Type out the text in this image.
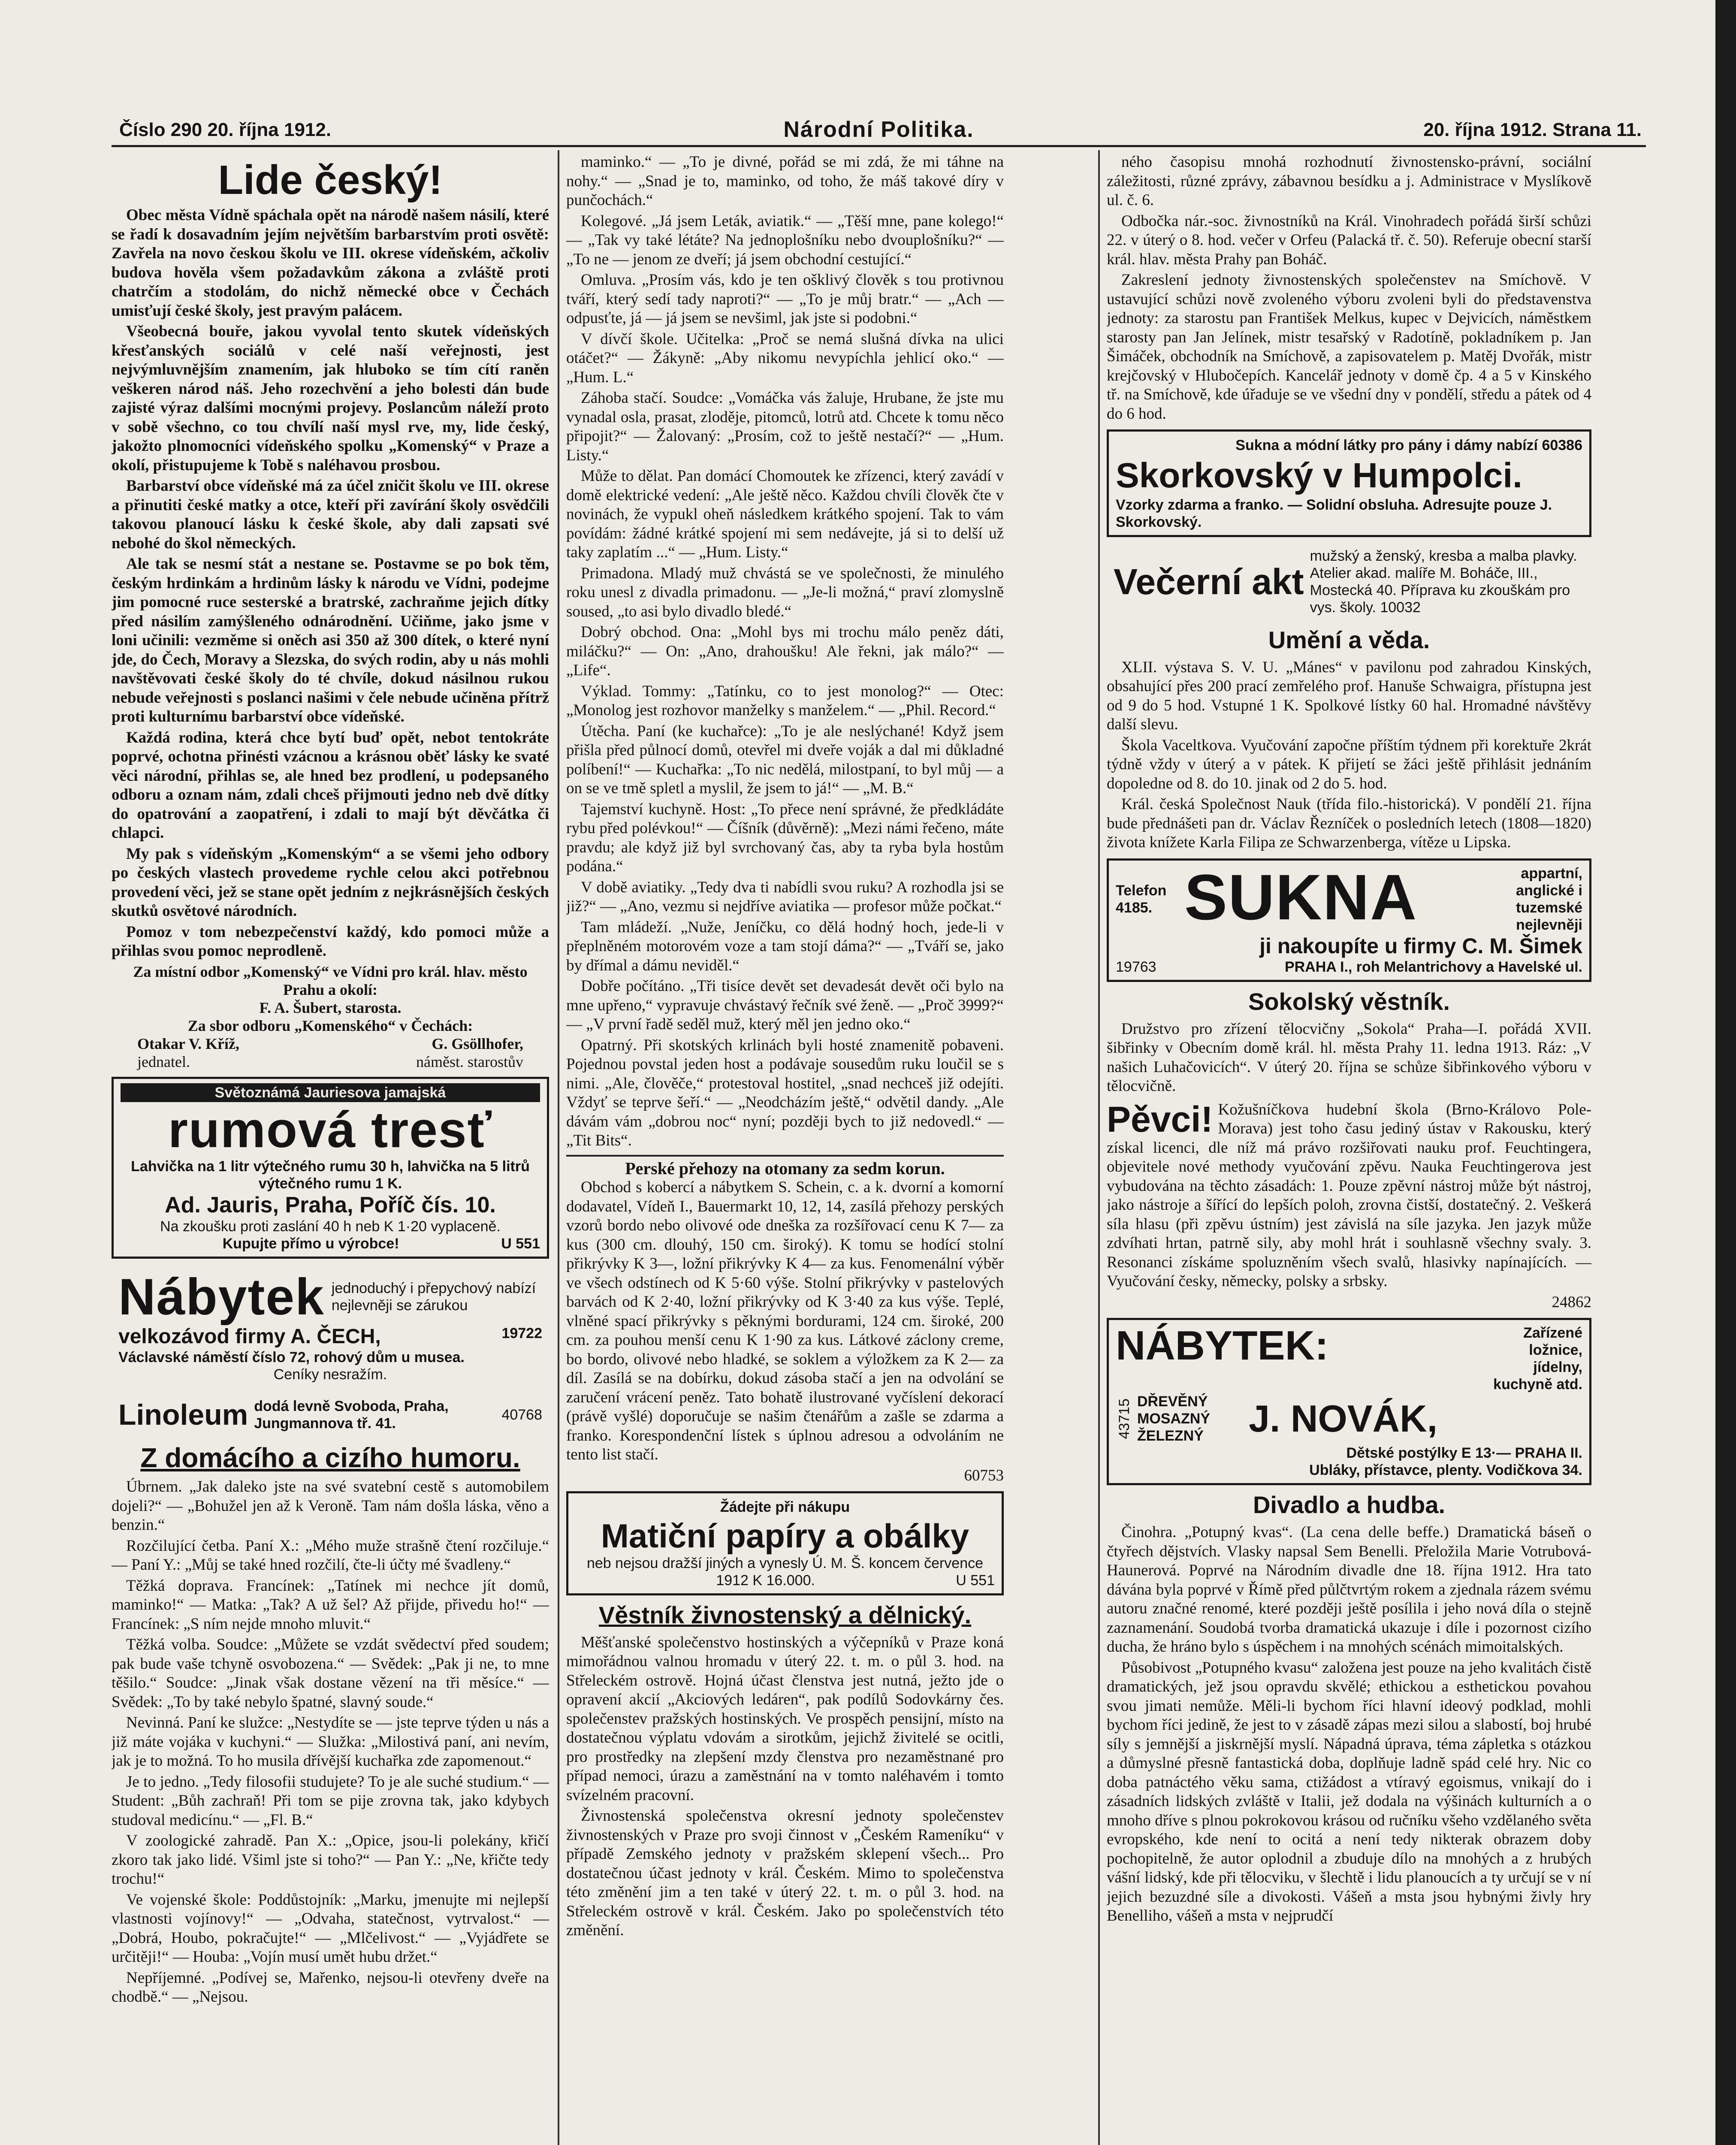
Číslo 290 20. října 1912.	Národní Politika.	20. října 1912. Strana 11.
Lide český!

Obec města Vídně spáchala opět na národě našem násilí, které se řadí k dosavadním jejím největším barbarstvím proti osvětě: Zavřela na novo českou školu ve III. okrese vídeňském, ačkoliv budova hověla všem požadavkům zákona a zvláště proti chatrčím a stodolám, do nichž německé obce v Čechách umisťují české školy, jest pravým palácem.

Všeobecná bouře, jakou vyvolal tento skutek vídeňských křesťanských sociálů v celé naší veřejnosti, jest nejvýmluvnějším znamením, jak hluboko se tím cítí raněn veškeren národ náš. Jeho rozechvění a jeho bolesti dán bude zajisté výraz dalšími mocnými projevy. Poslancům náleží proto v sobě všechno, co tou chvílí naší mysl rve, my, lide český, jakožto plnomocníci vídeňského spolku „Komenský“ v Praze a okolí, přistupujeme k Tobě s naléhavou prosbou.

Barbarství obce vídeňské má za účel zničit školu ve III. okrese a přinutiti české matky a otce, kteří při zavírání školy osvědčili takovou planoucí lásku k české škole, aby dali zapsati své nebohé do škol německých.

Ale tak se nesmí stát a nestane se. Postavme se po bok těm, českým hrdinkám a hrdinům lásky k národu ve Vídni, podejme jim pomocné ruce sesterské a bratrské, zachraňme jejich dítky před násilím zamýšleného odnárodnění. Učiňme, jako jsme v loni učinili: vezměme si oněch asi 350 až 300 dítek, o které nyní jde, do Čech, Moravy a Slezska, do svých rodin, aby u nás mohli navštěvovati české školy do té chvíle, dokud násilnou rukou nebude veřejnosti s poslanci našimi v čele nebude učiněna přítrž proti kulturnímu barbarství obce vídeňské.

Každá rodina, která chce bytí buď opět, nebot tentokráte poprvé, ochotna přinésti vzácnou a krásnou oběť lásky ke svaté věci národní, přihlas se, ale hned bez prodlení, u podepsaného odboru a oznam nám, zdali chceš přijmouti jedno neb dvě dítky do opatrování a zaopatření, i zdali to mají být děvčátka či chlapci.

My pak s vídeňským „Komenským“ a se všemi jeho odbory po českých vlastech provedeme rychle celou akci potřebnou provedení věci, jež se stane opět jedním z nejkrásnějších českých skutků osvětové národních.

Pomoz v tom nebezpečenství každý, kdo pomoci může a přihlas svou pomoc neprodleně.

Za místní odbor „Komenský“ ve Vídni pro král. hlav. město Prahu a okolí:
F. A. Šubert, starosta.
Za sbor odboru „Komenského“ v Čechách:
Otakar V. Kříž,	G. Gsöllhofer,
jednatel.	náměst. starostův
Světoznámá Jauriesova jamajská
rumová tresť
Lahvička na 1 litr výtečného rumu 30 h, lahvička na 5 litrů výtečného rumu 1 K.
Ad. Jauris, Praha, Poříč čís. 10.
Na zkoušku proti zaslání 40 h neb K 1·20 vyplaceně.
Kupujte přímo u výrobce!	U 551
Nábytek jednoduchý i přepychový nabízí nejlevněji se zárukou
velkozávod firmy A. ČECH,	19722
Václavské náměstí číslo 72, rohový dům u musea.
Ceníky nesražím.
Linoleum dodá levně Svoboda, Praha, Jungmannova tř. 41.
40768
Z domácího a cizího humoru.

Úbrnem. „Jak daleko jste na své svatební cestě s automobilem dojeli?“ — „Bohužel jen až k Veroně. Tam nám došla láska, věno a benzin.“

Rozčilující četba. Paní X.: „Mého muže strašně čtení rozčiluje.“ — Paní Y.: „Můj se také hned rozčilí, čte-li účty mé švadleny.“

Těžká doprava. Francínek: „Tatínek mi nechce jít domů, maminko!“ — Matka: „Tak? A už šel? Až přijde, přivedu ho!“ — Francínek: „S ním nejde mnoho mluvit.“

Těžká volba. Soudce: „Můžete se vzdát svědectví před soudem; pak bude vaše tchyně osvobozena.“ — Svědek: „Pak ji ne, to mne těšilo.“ Soudce: „Jinak však dostane vězení na tři měsíce.“ — Svědek: „To by také nebylo špatné, slavný soude.“

Nevinná. Paní ke služce: „Nestydíte se — jste teprve týden u nás a již máte vojáka v kuchyni.“ — Služka: „Milostivá paní, ani nevím, jak je to možná. To ho musila dřívější kuchařka zde zapomenout.“

Je to jedno. „Tedy filosofii studujete? To je ale suché studium.“ — Student: „Bůh zachraň! Při tom se pije zrovna tak, jako kdybych studoval medicínu.“ — „Fl. B.“

V zoologické zahradě. Pan X.: „Opice, jsou-li polekány, křičí zkoro tak jako lidé. Všiml jste si toho?“ — Pan Y.: „Ne, křičte tedy trochu!“

Ve vojenské škole: Poddůstojník: „Marku, jmenujte mi nejlepší vlastnosti vojínovy!“ — „Odvaha, statečnost, vytrvalost.“ — „Dobrá, Houbo, pokračujte!“ — „Mlčelivost.“ — „Vyjádřete se určitěji!“ — Houba: „Vojín musí umět hubu držet.“

Nepříjemné. „Podívej se, Mařenko, nejsou-li otevřeny dveře na chodbě.“ — „Nejsou.

maminko.“ — „To je divné, pořád se mi zdá, že mi táhne na nohy.“ — „Snad je to, maminko, od toho, že máš takové díry v punčochách.“

Kolegové. „Já jsem Leták, aviatik.“ — „Těší mne, pane kolego!“ — „Tak vy také létáte? Na jednoplošníku nebo dvouplošníku?“ — „To ne — jenom ze dveří; já jsem obchodní cestující.“

Omluva. „Prosím vás, kdo je ten ošklivý člověk s tou protivnou tváří, který sedí tady naproti?“ — „To je můj bratr.“ — „Ach — odpusťte, já — já jsem se nevšiml, jak jste si podobni.“

V dívčí škole. Učitelka: „Proč se nemá slušná dívka na ulici otáčet?“ — Žákyně: „Aby nikomu nevypíchla jehlicí oko.“ — „Hum. L.“

Záhoba stačí. Soudce: „Vomáčka vás žaluje, Hrubane, že jste mu vynadal osla, prasat, zloděje, pitomců, lotrů atd. Chcete k tomu něco připojit?“ — Žalovaný: „Prosím, což to ještě nestačí?“ — „Hum. Listy.“

Může to dělat. Pan domácí Chomoutek ke zřízenci, který zavádí v domě elektrické vedení: „Ale ještě něco. Každou chvíli člověk čte v novinách, že vypukl oheň následkem krátkého spojení. Tak to vám povídám: žádné krátké spojení mi sem nedávejte, já si to delší už taky zaplatím ...“ — „Hum. Listy.“

Primadona. Mladý muž chvástá se ve společnosti, že minulého roku unesl z divadla primadonu. — „Je-li možná,“ praví zlomyslně soused, „to asi bylo divadlo bledé.“

Dobrý obchod. Ona: „Mohl bys mi trochu málo peněz dáti, miláčku?“ — On: „Ano, drahoušku! Ale řekni, jak málo?“ — „Life“.

Výklad. Tommy: „Tatínku, co to jest monolog?“ — Otec: „Monolog jest rozhovor manželky s manželem.“ — „Phil. Record.“

Útěcha. Paní (ke kuchařce): „To je ale neslýchané! Když jsem přišla před půlnocí domů, otevřel mi dveře voják a dal mi důkladné políbení!“ — Kuchařka: „To nic nedělá, milostpaní, to byl můj — a on se ve tmě spletl a myslil, že jsem to já!“ — „M. B.“

Tajemství kuchyně. Host: „To přece není správné, že předkládáte rybu před polévkou!“ — Číšník (důvěrně): „Mezi námi řečeno, máte pravdu; ale když již byl svrchovaný čas, aby ta ryba byla hostům podána.“

V době aviatiky. „Tedy dva ti nabídli svou ruku? A rozhodla jsi se již?“ — „Ano, vezmu si nejdříve aviatika — profesor může počkat.“

Tam mládeží. „Nuže, Jeníčku, co dělá hodný hoch, jede-li v přeplněném motorovém voze a tam stojí dáma?“ — „Tváří se, jako by dřímal a dámu neviděl.“

Dobře počítáno. „Tři tisíce devět set devadesát devět oči bylo na mne upřeno,“ vypravuje chvástavý řečník své ženě. — „Proč 3999?“ — „V první řadě seděl muž, který měl jen jedno oko.“

Opatrný. Při skotských krlinách byli hosté znamenitě pobaveni. Pojednou povstal jeden host a podávaje sousedům ruku loučil se s nimi. „Ale, člověče,“ protestoval hostitel, „snad nechceš již odejíti. Vždyť se teprve šeří.“ — „Neodcházím ještě,“ odvětil dandy. „Ale dávám vám „dobrou noc“ nyní; později bych to již nedovedl.“ — „Tit Bits“.

Perské přehozy na otomany za sedm korun.

Obchod s kobercí a nábytkem S. Schein, c. a k. dvorní a komorní dodavatel, Vídeň I., Bauermarkt 10, 12, 14, zasílá přehozy perských vzorů bordo nebo olivové ode dneška za rozšířovací cenu K 7— za kus (300 cm. dlouhý, 150 cm. široký). K tomu se hodící stolní přikrývky K 3—, ložní přikrývky K 4— za kus. Fenomenální výběr ve všech odstínech od K 5·60 výše. Stolní přikrývky v pastelových barvách od K 2·40, ložní přikrývky od K 3·40 za kus výše. Teplé, vlněné spací přikrývky s pěknými bordurami, 124 cm. široké, 200 cm. za pouhou menší cenu K 1·90 za kus. Látkové záclony creme, bo bordo, olivové nebo hladké, se soklem a výložkem za K 2— za díl. Zasílá se na dobírku, dokud zásoba stačí a jen na odvolání se zaručení vrácení peněz. Tato bohatě ilustrované vyčíslení dekorací (právě vyšlé) doporučuje se našim čtenářům a zašle se zdarma a franko. Korespondenční lístek s úplnou adresou a odvoláním ne tento list stačí.

60753
Žádejte při nákupu
Matiční papíry a obálky
neb nejsou dražší jiných a vynesly Ú. M. Š. koncem července 1912 K 16.000.	U 551
Věstník živnostenský a dělnický.

Měšťanské společenstvo hostinských a výčepníků v Praze koná mimořádnou valnou hromadu v úterý 22. t. m. o půl 3. hod. na Střeleckém ostrově. Hojná účast členstva jest nutná, ježto jde o opravení akcií „Akciových ledáren“, pak podílů Sodovkárny čes. společenstev pražských hostinských. Ve prospěch pensijní, místo na dostatečnou výplatu vdovám a sirotkům, jejichž živitelé se ocitli, pro prostředky na zlepšení mzdy členstva pro nezaměstnané pro případ nemoci, úrazu a zaměstnání na v tomto naléhavém i tomto svízelném pracovní.

Živnostenská společenstva okresní jednoty společenstev živnostenských v Praze pro svoji činnost v „Českém Rameníku“ v případě Zemského jednoty v pražském sklepení všech... Pro dostatečnou účast jednoty v král. Českém. Mimo to společenstva této změnění jim a ten také v úterý 22. t. m. o půl 3. hod. na Střeleckém ostrově v král. Českém. Jako po společenstvích této změnění.

ného časopisu mnohá rozhodnutí živnostensko-právní, sociální záležitosti, různé zprávy, zábavnou besídku a j. Administrace v Myslíkově ul. č. 6.

Odbočka nár.-soc. živnostníků na Král. Vinohradech pořádá širší schůzi 22. v úterý o 8. hod. večer v Orfeu (Palacká tř. č. 50). Referuje obecní starší král. hlav. města Prahy pan Boháč.

Zakreslení jednoty živnostenských společenstev na Smíchově. V ustavující schůzi nově zvoleného výboru zvoleni byli do představenstva jednoty: za starostu pan František Melkus, kupec v Dejvicích, náměstkem starosty pan Jan Jelínek, mistr tesařský v Radotíně, pokladníkem p. Jan Šimáček, obchodník na Smíchově, a zapisovatelem p. Matěj Dvořák, mistr krejčovský v Hlubočepích. Kancelář jednoty v domě čp. 4 a 5 v Kinského tř. na Smíchově, kde úřaduje se ve všední dny v pondělí, středu a pátek od 4 do 6 hod.

Sukna a módní látky pro pány i dámy nabízí 60386
Skorkovský v Humpolci.
Vzorky zdarma a franko. — Solidní obsluha. Adresujte pouze J. Skorkovský.
Večerní akt
mužský a ženský, kresba a malba plavky. Atelier akad. malíře M. Boháče, III., Mostecká 40. Příprava ku zkouškám pro vys. školy. 10032
Umění a věda.

XLII. výstava S. V. U. „Mánes“ v pavilonu pod zahradou Kinských, obsahující přes 200 prací zemřelého prof. Hanuše Schwaigra, přístupna jest od 9 do 5 hod. Vstupné 1 K. Spolkové lístky 60 hal. Hromadné návštěvy další slevu.

Škola Vaceltkova. Vyučování započne příštím týdnem při korektuře 2krát týdně vždy v úterý a v pátek. K přijetí se žáci ještě přihlásit jednáním dopoledne od 8. do 10. jinak od 2 do 5. hod.

Král. česká Společnost Nauk (třída filo.-historická). V pondělí 21. října bude přednášeti pan dr. Václav Řezníček o posledních letech (1808—1820) života knížete Karla Filipa ze Schwarzenberga, vítěze u Lipska.

Telefon
4185. SUKNA	appartní, anglické i tuzemské nejlevněji
ji nakoupíte u firmy C. M. Šimek
19763	PRAHA I., roh Melantrichovy a Havelské ul.
Sokolský věstník.

Družstvo pro zřízení tělocvičny „Sokola“ Praha—I. pořádá XVII. šibřinky v Obecním domě král. hl. města Prahy 11. ledna 1913. Ráz: „V našich Luhačovicích“. V úterý 20. října se schůze šibřinkového výboru v tělocvičně.

Pěvci! Kožušníčkova hudební škola (Brno-Královo Pole-Morava) jest toho času jediný ústav v Rakousku, který získal licenci, dle níž má právo rozšiřovati nauku prof. Feuchtingera, objevitele nové methody vyučování zpěvu. Nauka Feuchtingerova jest vybudována na těchto zásadách: 1. Pouze zpěvní nástroj může být nástroj, jako nástroje a šířící do lepších poloh, zrovna čistší, dostatečný. 2. Veškerá síla hlasu (při zpěvu ústním) jest závislá na síle jazyka. Jen jazyk může zdvíhati hrtan, patrně sily, aby mohl hrát i souhlasně všechny svaly. 3. Resonanci získáme spoluzněním všech svalů, hlasivky napínajících. — Vyučování česky, německy, polsky a srbsky.

24862
NÁBYTEK:	Zařízené ložnice, jídelny, kuchyně atd.
43715 DŘEVĚNÝ MOSAZNÝ ŽELEZNÝ	J. NOVÁK,
Dětské postýlky E 13·— PRAHA II.
Ubláky, přístavce, plenty. Vodičkova 34.
Divadlo a hudba.

Činohra. „Potupný kvas“. (La cena delle beffe.) Dramatická báseň o čtyřech dějstvích. Vlasky napsal Sem Benelli. Přeložila Marie Votrubová-Haunerová. Poprvé na Národním divadle dne 18. října 1912. Hra tato dávána byla poprvé v Římě před půlčtvrtým rokem a zjednala rázem svému autoru značné renomé, které později ještě posílila i jeho nová díla o stejně zaznamenání. Soudobá tvorba dramatická ukazuje i díle i pozornost cizího ducha, že hráno bylo s úspěchem i na mnohých scénách mimoitalských.

Působivost „Potupného kvasu“ založena jest pouze na jeho kvalitách čistě dramatických, jež jsou opravdu skvělé; ethickou a esthetickou povahou svou jimati nemůže. Měli-li bychom říci hlavní ideový podklad, mohli bychom říci jedině, že jest to v zásadě zápas mezi silou a slabostí, boj hrubé síly s jemnější a jiskrnější myslí. Nápadná úprava, téma zápletka s otázkou a důmyslné přesně fantastická doba, doplňuje ladně spád celé hry. Nic co doba patnáctého věku sama, ctižádost a vtíravý egoismus, vnikají do i zásadních lidských zvláště v Italii, jež dodala na výšinách kulturních a o mnoho dříve s plnou pokrokovou krásou od ručníku všeho vzdělaného světa evropského, kde není to ocitá a není tedy nikterak obrazem doby pochopitelně, že autor oplodnil a zbuduje dílo na mnohých a z hrubých vášní lidský, kde při tělocviku, v šlechtě i lidu planoucích a ty určují se v ní jejich bezuzdné síle a divokosti. Vášeň a msta jsou hybnými živly hry Benelliho, vášeň a msta v nejprudčí
